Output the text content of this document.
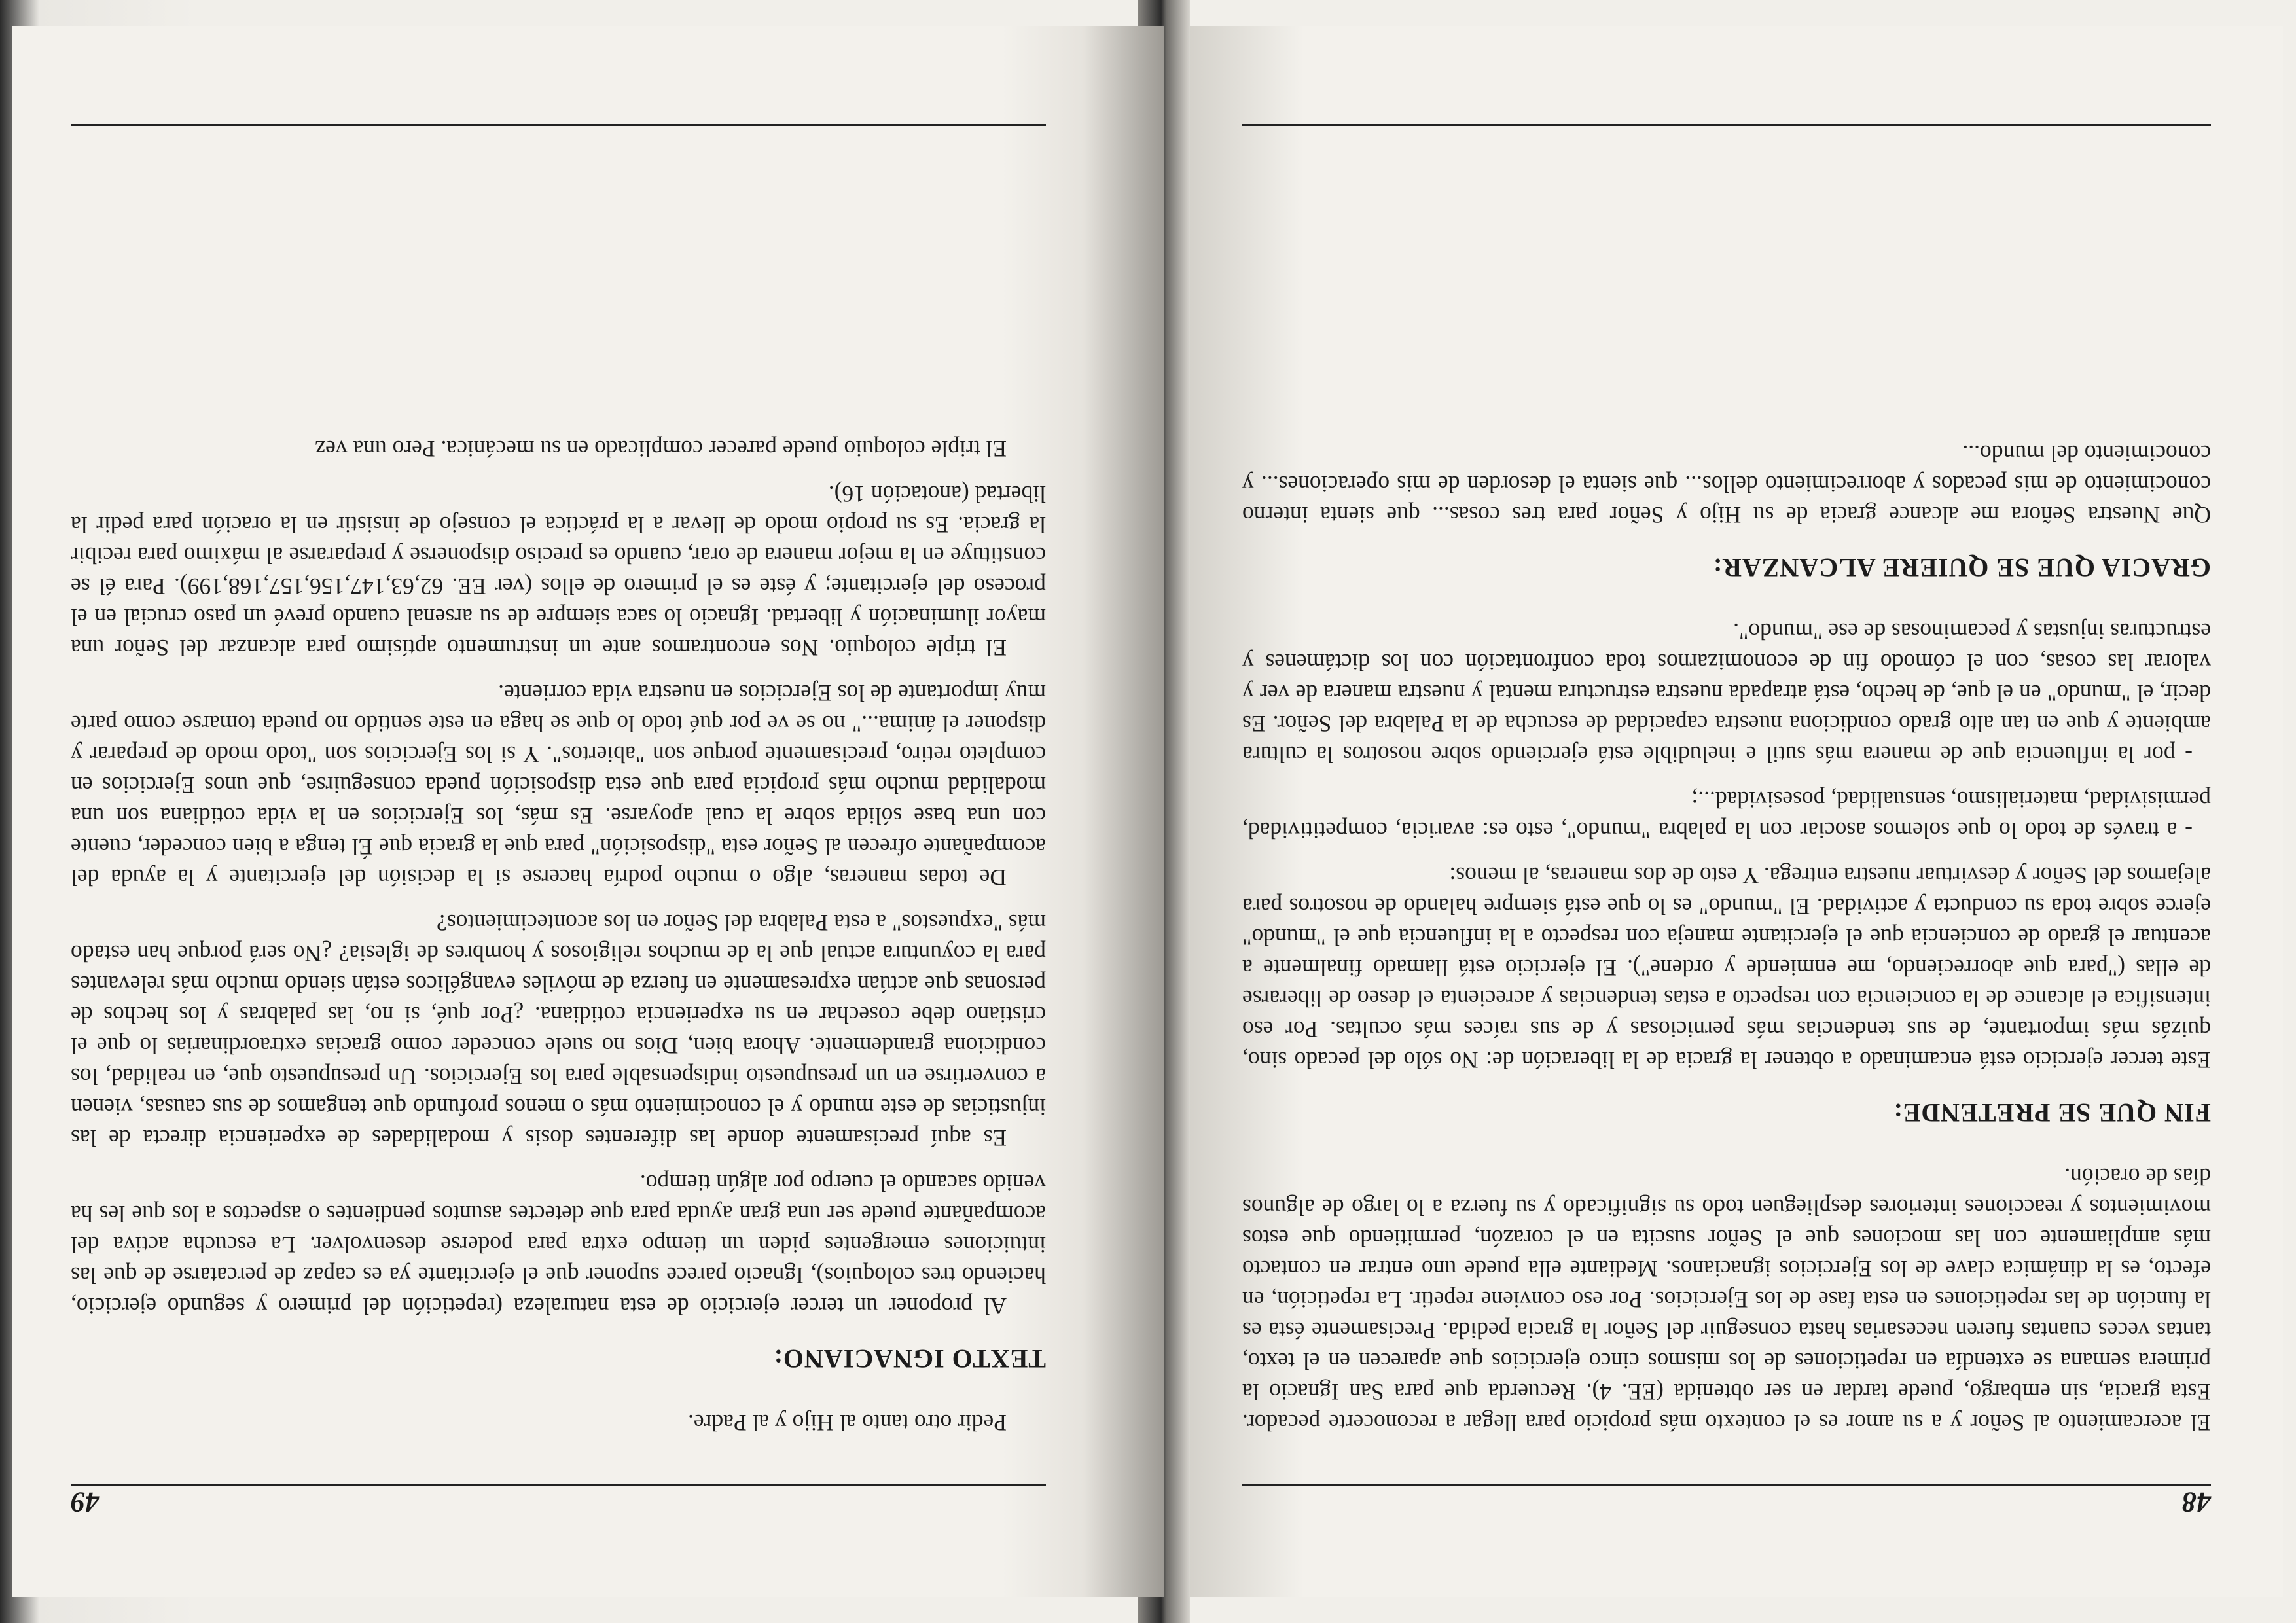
48

El acercamiento al Señor y a su amor es el contexto más propicio para llegar a reconocerte pecador. Esta gracia, sin embargo, puede tardar en ser obtenida (EE. 4). Recuerda que para San Ignacio la primera semana se extendía en repeticiones de los mismos cinco ejercicios que aparecen en el texto, tantas veces cuantas fueren necesarias hasta conseguir del Señor la gracia pedida. Precisamente ésta es la función de las repeticiones en esta fase de los Ejercicios. Por eso conviene repetir. La repetición, en efecto, es la dinámica clave de los Ejercicios ignacianos. Mediante ella puede uno entrar en contacto más ampliamente con las mociones que el Señor suscita en el corazón, permitiendo que estos movimientos y reacciones interiores desplieguen todo su significado y su fuerza a lo largo de algunos días de oración.

FIN QUE SE PRETENDE:

Este tercer ejercicio está encaminado a obtener la gracia de la liberación de: No sólo del pecado sino, quizás más importante, de sus tendencias más perniciosas y de sus raíces más ocultas. Por eso intensifica el alcance de la conciencia con respecto a estas tendencias y acrecienta el deseo de liberarse de ellas ("para que aborreciendo, me enmiende y ordene"). El ejercicio está llamado finalmente a acentuar el grado de conciencia que el ejercitante maneja con respecto a la influencia que el "mundo" ejerce sobre toda su conducta y actividad. El "mundo" es lo que está siempre halando de nosotros para alejarnos del Señor y desvirtuar nuestra entrega. Y esto de dos maneras, al menos:

- a través de todo lo que solemos asociar con la palabra "mundo", esto es: avaricia, competitividad, permisividad, materialismo, sensualidad, posesividad...;

- por la influencia que de manera más sutil e ineludible está ejerciendo sobre nosotros la cultura ambiente y que en tan alto grado condiciona nuestra capacidad de escucha de la Palabra del Señor. Es decir, el "mundo" en el que, de hecho, está atrapada nuestra estructura mental y nuestra manera de ver y valorar las cosas, con el cómodo fin de economizarnos toda confrontación con los dictámenes y estructuras injustas y pecaminosas de ese "mundo".

GRACIA QUE SE QUIERE ALCANZAR:

Que Nuestra Señora me alcance gracia de su Hijo y Señor para tres cosas... que sienta interno conocimiento de mis pecados y aborrecimiento dellos... que sienta el desorden de mis operaciones... y conocimiento del mundo...

49

Pedir otro tanto al Hijo y al Padre.

TEXTO IGNACIANO:

Al proponer un tercer ejercicio de esta naturaleza (repetición del primero y segundo ejercicio, haciendo tres coloquios), Ignacio parece suponer que el ejercitante ya es capaz de percatarse de que las intuiciones emergentes piden un tiempo extra para poderse desenvolver. La escucha activa del acompañante puede ser una gran ayuda para que detectes asuntos pendientes o aspectos a los que les ha venido sacando el cuerpo por algún tiempo.

Es aquí precisamente donde las diferentes dosis y modalidades de experiencia directa de las injusticias de este mundo y el conocimiento más o menos profundo que tengamos de sus causas, vienen a convertirse en un presupuesto indispensable para los Ejercicios. Un presupuesto que, en realidad, los condiciona grandemente. Ahora bien, Dios no suele conceder como gracias extraordinarias lo que el cristiano debe cosechar en su experiencia cotidiana. ¿Por qué, si no, las palabras y los hechos de personas que actúan expresamente en fuerza de móviles evangélicos están siendo mucho más relevantes para la coyuntura actual que la de muchos religiosos y hombres de iglesia? ¿No será porque han estado más "expuestos" a esta Palabra del Señor en los acontecimientos?

De todas maneras, algo o mucho podría hacerse si la decisión del ejercitante y la ayuda del acompañante ofrecen al Señor esta "disposición" para que la gracia que Él tenga a bien conceder, cuente con una base sólida sobre la cual apoyarse. Es más, los Ejercicios en la vida cotidiana son una modalidad mucho más propicia para que esta disposición pueda conseguirse, que unos Ejercicios en completo retiro, precisamente porque son "abiertos". Y si los Ejercicios son "todo modo de preparar y disponer el ánima..." no se ve por qué todo lo que se haga en este sentido no pueda tomarse como parte muy importante de los Ejercicios en nuestra vida corriente.

El triple coloquio. Nos encontramos ante un instrumento aptísimo para alcanzar del Señor una mayor iluminación y libertad. Ignacio lo saca siempre de su arsenal cuando prevé un paso crucial en el proceso del ejercitante; y éste es el primero de ellos (ver EE. 62,63,147,156,157,168,199). Para él se constituye en la mejor manera de orar, cuando es preciso disponerse y prepararse al máximo para recibir la gracia. Es su propio modo de llevar a la práctica el consejo de insistir en la oración para pedir la libertad (anotación 16).

El triple coloquio puede parecer complicado en su mecánica. Pero una vez
